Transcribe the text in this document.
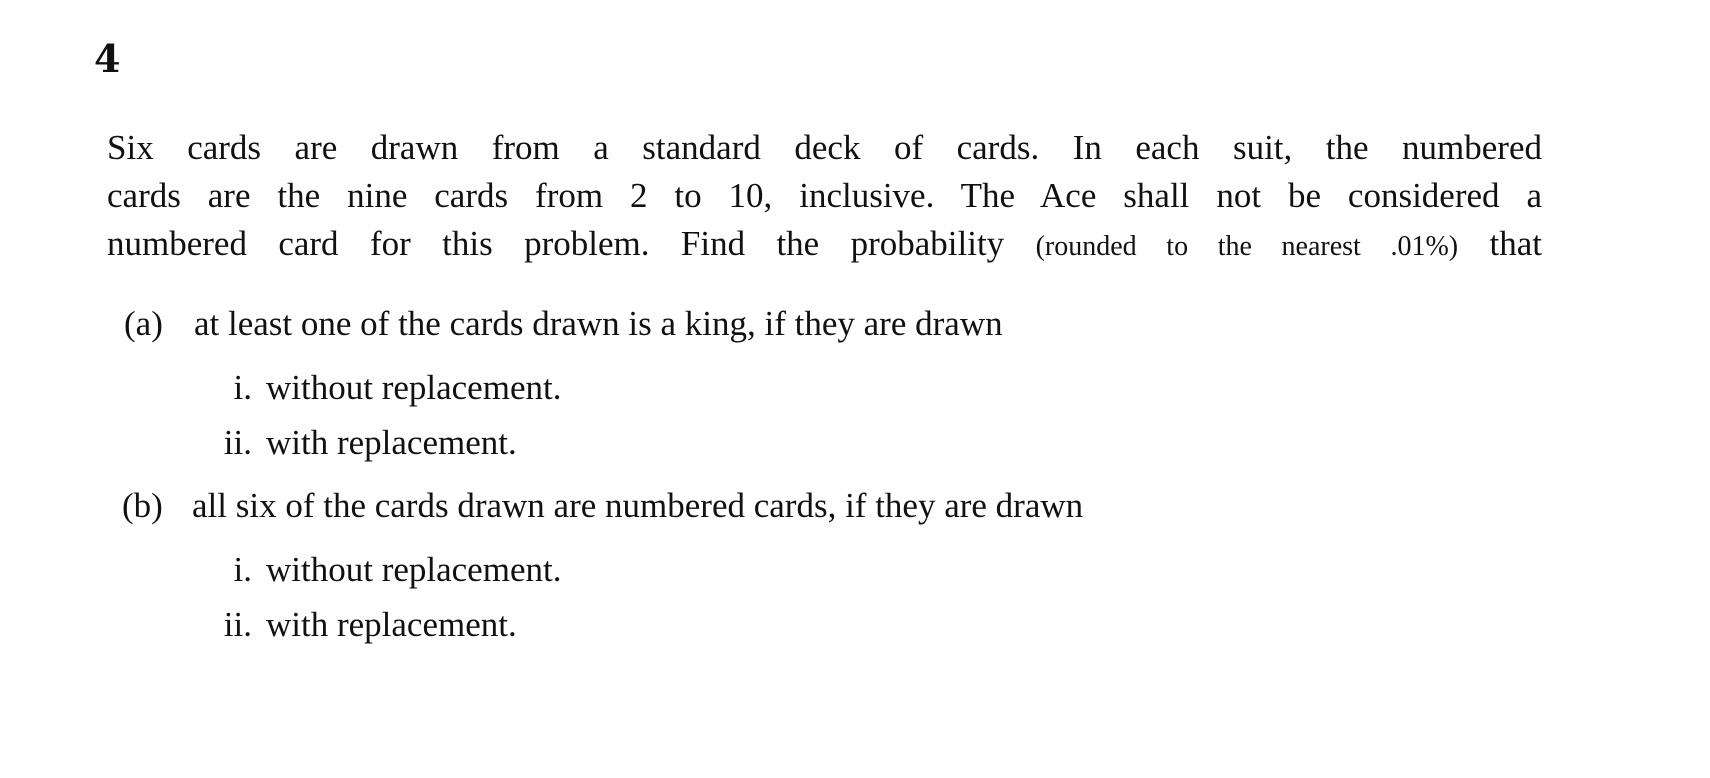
4
Six cards are drawn from a standard deck of cards. In each suit, the numbered
cards are the nine cards from 2 to 10, inclusive. The Ace shall not be considered a
numbered card for this problem. Find the probability (rounded to the nearest .01%) that
(a) at least one of the cards drawn is a king, if they are drawn
i. without replacement.
ii. with replacement.
(b) all six of the cards drawn are numbered cards, if they are drawn
i. without replacement.
ii. with replacement.
